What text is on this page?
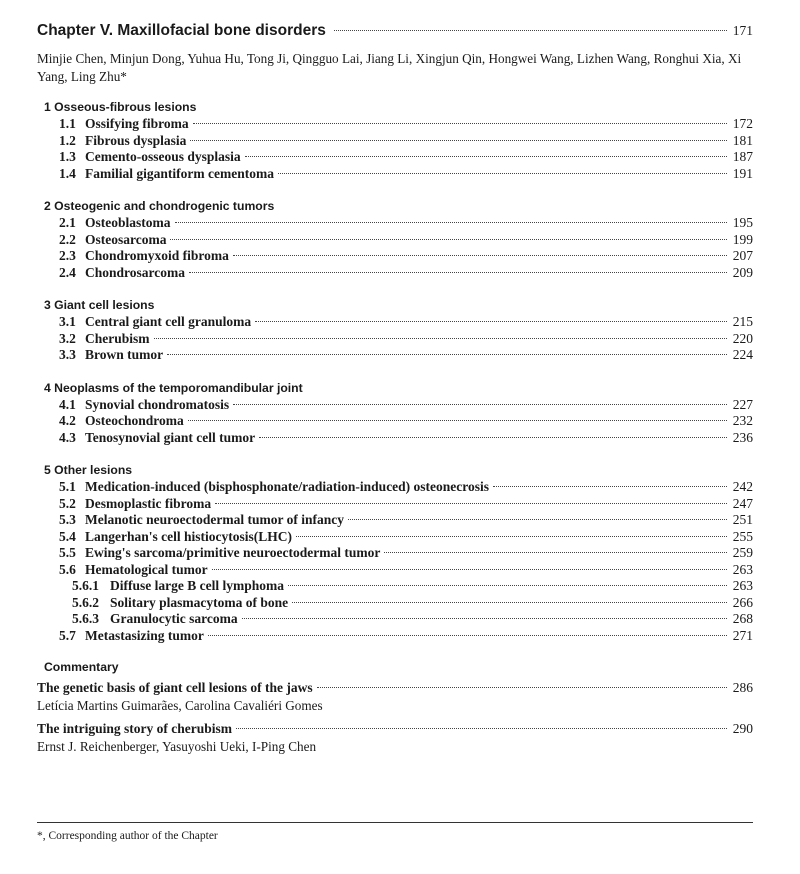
Chapter V. Maxillofacial bone disorders	171
Minjie Chen, Minjun Dong, Yuhua Hu, Tong Ji, Qingguo Lai, Jiang Li, Xingjun Qin, Hongwei Wang, Lizhen Wang, Ronghui Xia, Xi Yang, Ling Zhu*
1 Osseous-fibrous lesions
1.1 Ossifying fibroma	172
1.2 Fibrous dysplasia	181
1.3 Cemento-osseous dysplasia	187
1.4 Familial gigantiform cementoma	191
2 Osteogenic and chondrogenic tumors
2.1 Osteoblastoma	195
2.2 Osteosarcoma	199
2.3 Chondromyxoid fibroma	207
2.4 Chondrosarcoma	209
3 Giant cell lesions
3.1 Central giant cell granuloma	215
3.2 Cherubism	220
3.3 Brown tumor	224
4 Neoplasms of the temporomandibular joint
4.1 Synovial chondromatosis	227
4.2 Osteochondroma	232
4.3 Tenosynovial giant cell tumor	236
5 Other lesions
5.1 Medication-induced (bisphosphonate/radiation-induced) osteonecrosis	242
5.2 Desmoplastic fibroma	247
5.3 Melanotic neuroectodermal tumor of infancy	251
5.4 Langerhan's cell histiocytosis(LHC)	255
5.5 Ewing's sarcoma/primitive neuroectodermal tumor	259
5.6 Hematological tumor	263
5.6.1 Diffuse large B cell lymphoma	263
5.6.2 Solitary plasmacytoma of bone	266
5.6.3 Granulocytic sarcoma	268
5.7 Metastasizing tumor	271
Commentary
The genetic basis of giant cell lesions of the jaws	286
Letícia Martins Guimarães, Carolina Cavaliéri Gomes
The intriguing story of cherubism	290
Ernst J. Reichenberger, Yasuyoshi Ueki, I-Ping Chen
*, Corresponding author of the Chapter
